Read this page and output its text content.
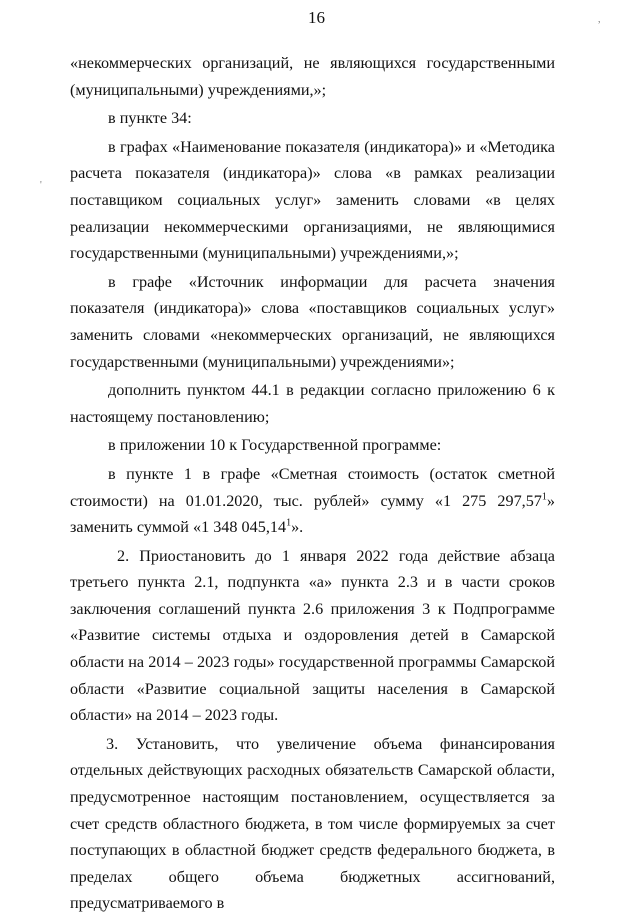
16

«некоммерческих организаций, не являющихся государственными (муниципальными) учреждениями,»;

в пункте 34:

в графах «Наименование показателя (индикатора)» и «Методика расчета показателя (индикатора)» слова «в рамках реализации поставщиком социальных услуг» заменить словами «в целях реализации некоммерческими организациями, не являющимися государственными (муниципальными) учреждениями,»;

в графе «Источник информации для расчета значения показателя (индикатора)» слова «поставщиков социальных услуг» заменить словами «некоммерческих организаций, не являющихся государственными (муниципальными) учреждениями»;

дополнить пунктом 44.1 в редакции согласно приложению 6 к настоящему постановлению;

в приложении 10 к Государственной программе:

в пункте 1 в графе «Сметная стоимость (остаток сметной стоимости) на 01.01.2020, тыс. рублей» сумму «1 275 297,57$^1$» заменить суммой «1 348 045,14$^1$».

2. Приостановить до 1 января 2022 года действие абзаца третьего пункта 2.1, подпункта «а» пункта 2.3 и в части сроков заключения соглашений пункта 2.6 приложения 3 к Подпрограмме «Развитие системы отдыха и оздоровления детей в Самарской области на 2014 – 2023 годы» государственной программы Самарской области «Развитие социальной защиты населения в Самарской области» на 2014 – 2023 годы.

3. Установить, что увеличение объема финансирования отдельных действующих расходных обязательств Самарской области, предусмотренное настоящим постановлением, осуществляется за счет средств областного бюджета, в том числе формируемых за счет поступающих в областной бюджет средств федерального бюджета, в пределах общего объема бюджетных ассигнований, предусматриваемого в

,
'
